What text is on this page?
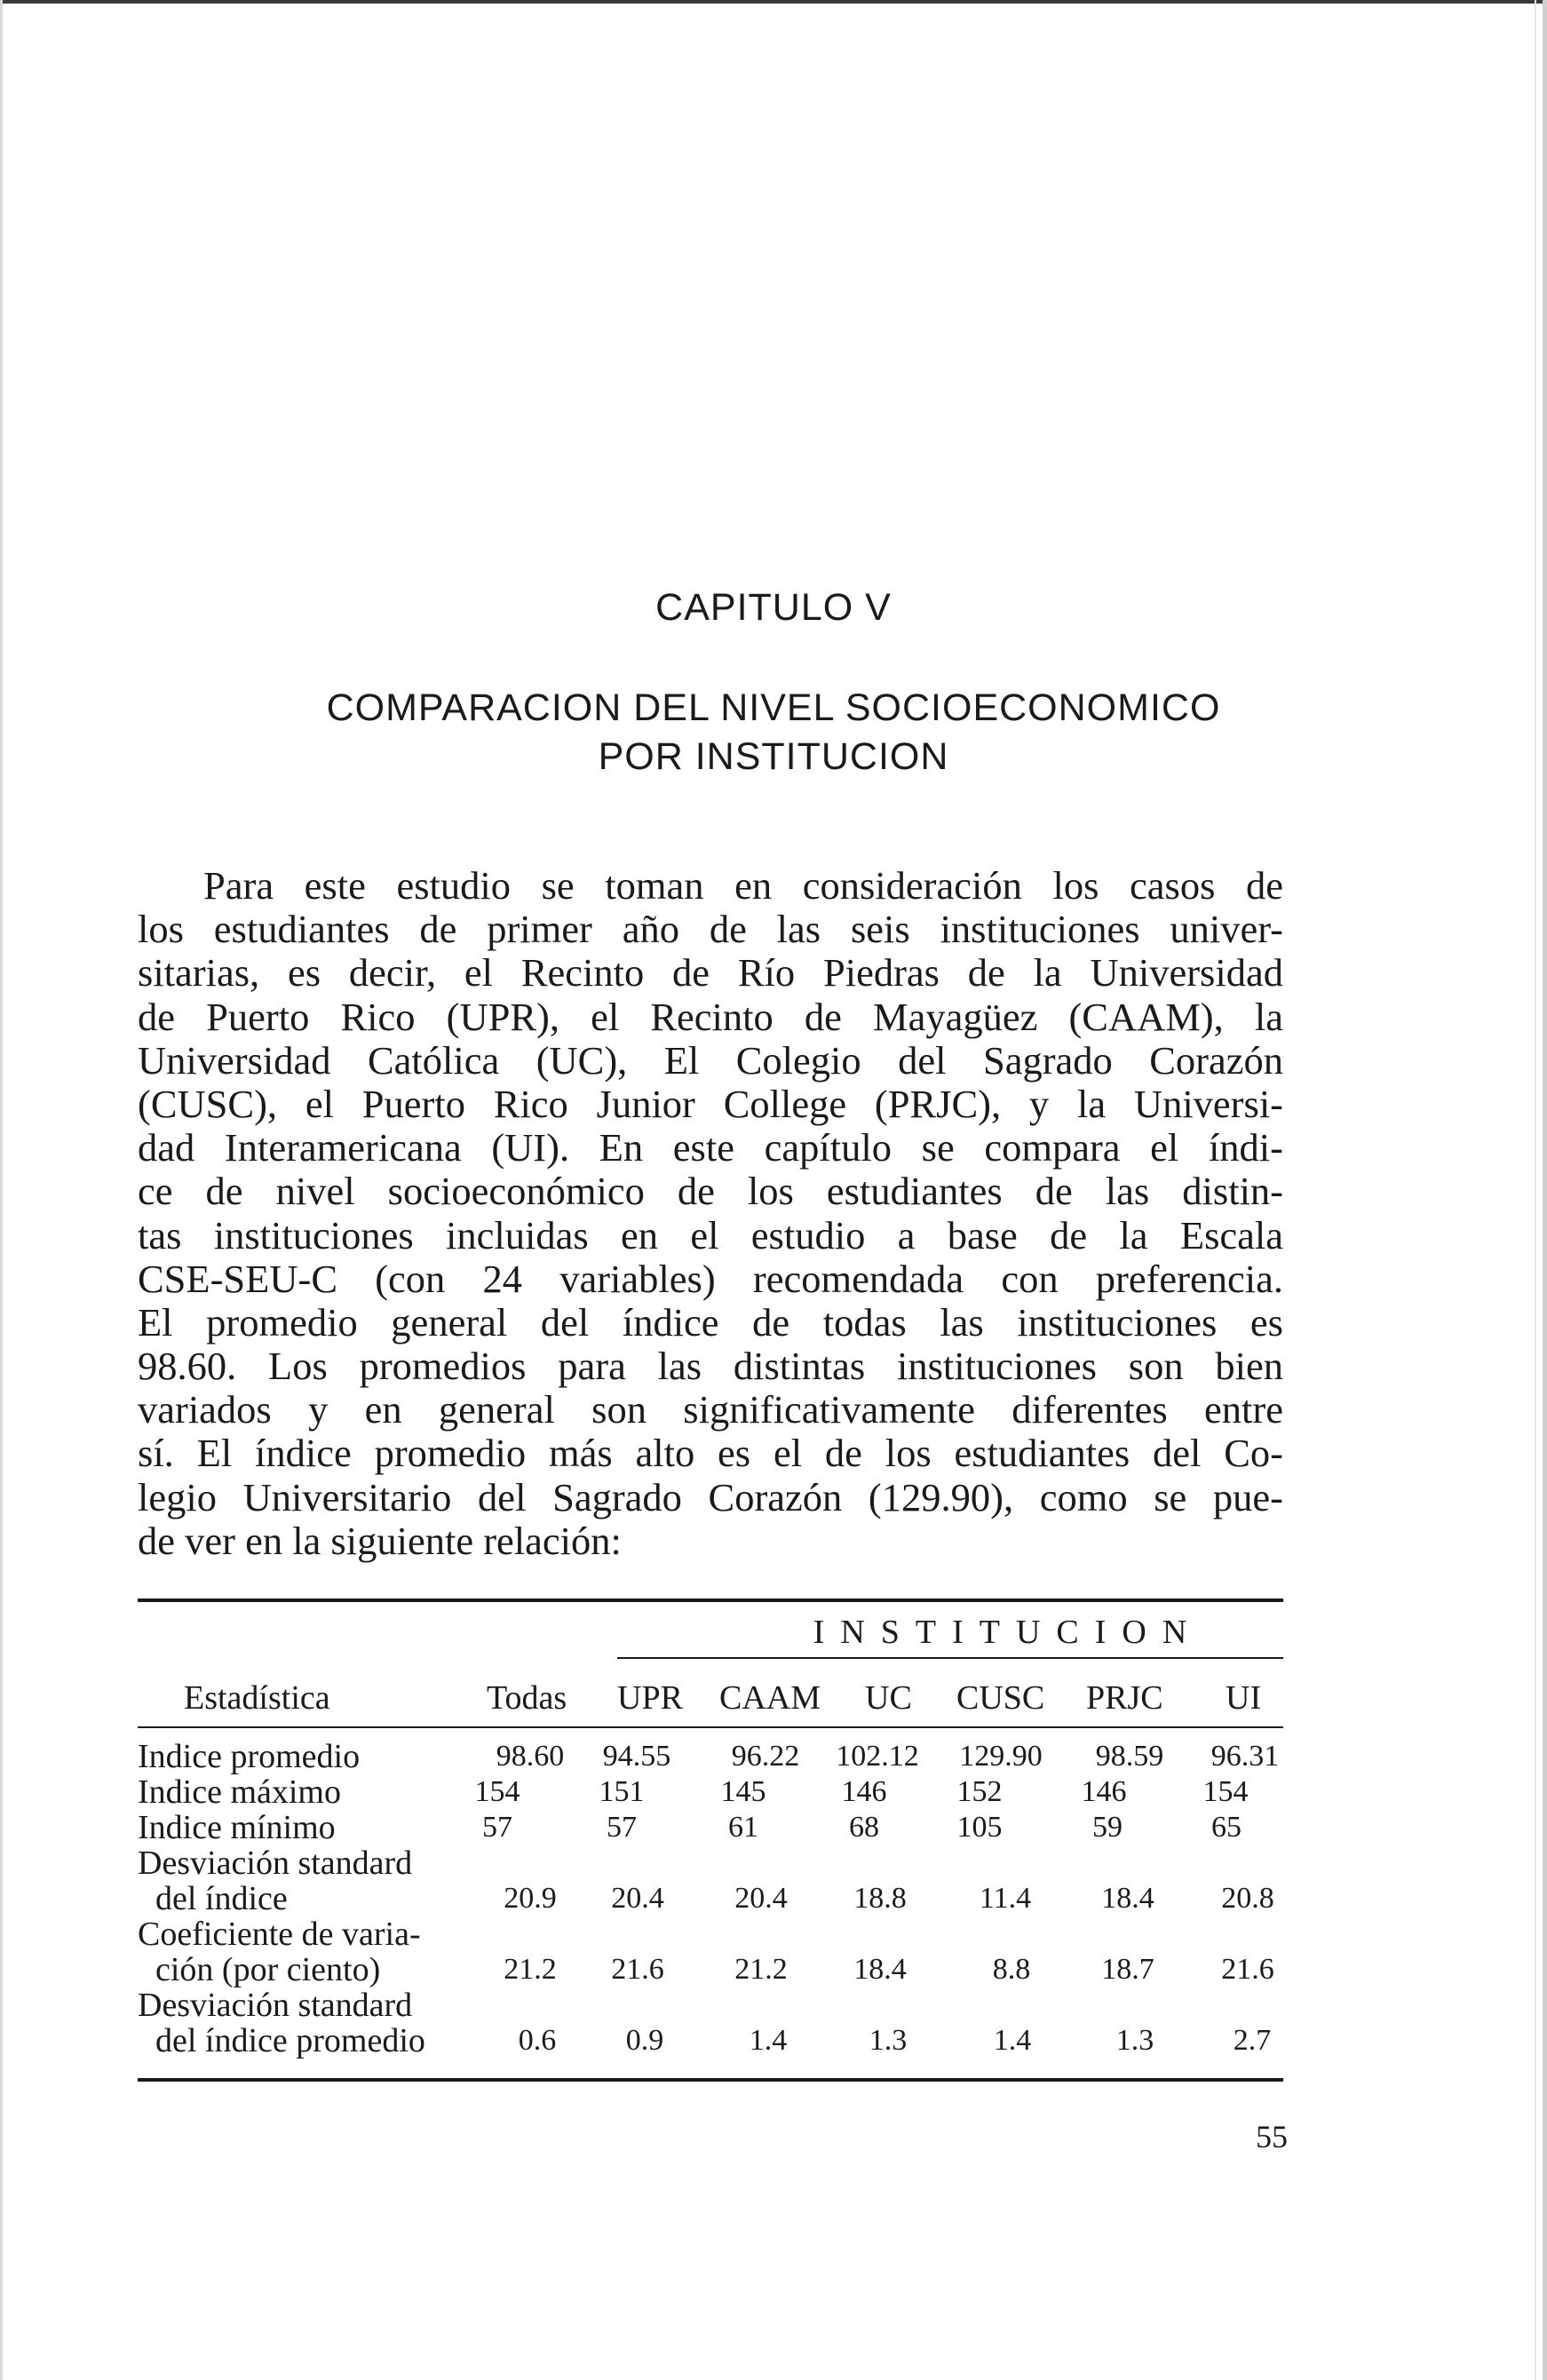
CAPITULO V
COMPARACION DEL NIVEL SOCIOECONOMICO
POR INSTITUCION
Para este estudio se toman en consideración los casos de
los estudiantes de primer año de las seis instituciones univer-
sitarias, es decir, el Recinto de Río Piedras de la Universidad
de Puerto Rico (UPR), el Recinto de Mayagüez (CAAM), la
Universidad Católica (UC), El Colegio del Sagrado Corazón
(CUSC), el Puerto Rico Junior College (PRJC), y la Universi-
dad Interamericana (UI). En este capítulo se compara el índi-
ce de nivel socioeconómico de los estudiantes de las distin-
tas instituciones incluidas en el estudio a base de la Escala
CSE-SEU-C (con 24 variables) recomendada con preferencia.
El promedio general del índice de todas las instituciones es
98.60. Los promedios para las distintas instituciones son bien
variados y en general son significativamente diferentes entre
sí. El índice promedio más alto es el de los estudiantes del Co-
legio Universitario del Sagrado Corazón (129.90), como se pue-
de ver en la siguiente relación:
INSTITUCION
Estadística	Todas UPR CAAM UC CUSC PRJC UI
Indice promedio	98.60	94.55	96.22	102.12 129.90	98.59	96.31
Indice máximo	154	151	145	146	152	146	154
Indice mínimo	57	57	61	68	105	59	65
Desviación standard
del índice	20.9	20.4	20.4	18.8	11.4	18.4	20.8
Coeficiente de varia-
ción (por ciento)	21.2	21.6	21.2	18.4	8.8	18.7	21.6
Desviación standard
del índice promedio	0.6	0.9	1.4	1.3	1.4	1.3	2.7
55
